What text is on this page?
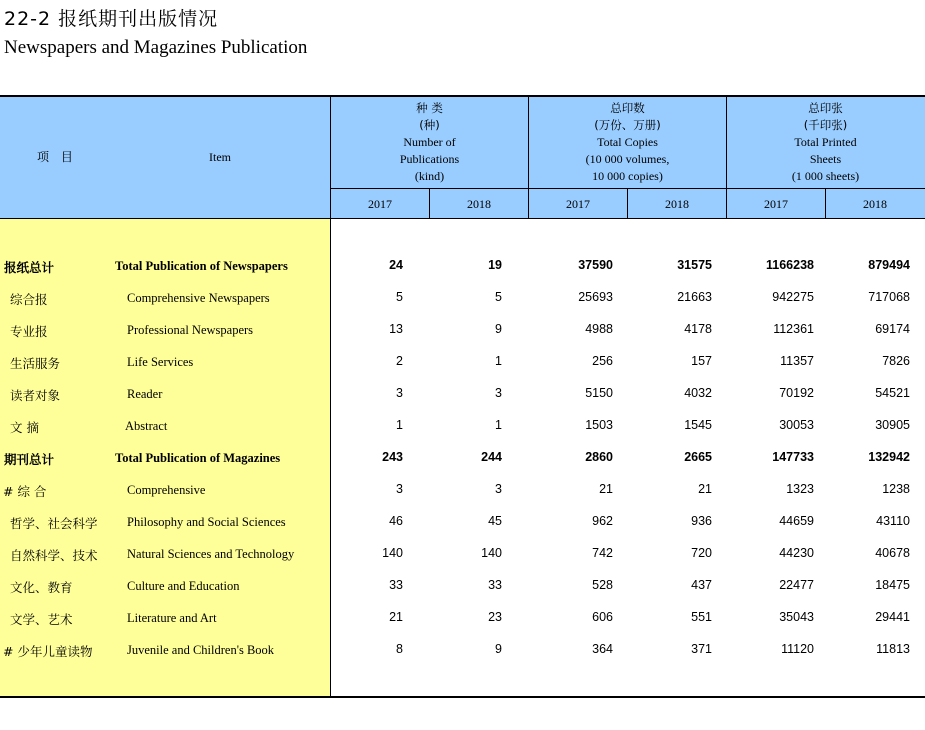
22-2 报纸期刊出版情况
Newspapers and Magazines Publication
项 目	Item
种 类
(种)
Number of
Publications
(kind)
总印数
(万份、万册)
Total Copies
(10 000 volumes,
10 000 copies)
总印张
(千印张)
Total Printed
Sheets
(1 000 sheets)
2017	2018	2017	2018	2017	2018
报纸总计	Total Publication of Newspapers	24	19	37590	31575	1166238	879494
综合报	Comprehensive Newspapers	5	5	25693	21663	942275	717068
专业报	Professional Newspapers	13	9	4988	4178	112361	69174
生活服务	Life Services	2	1	256	157	11357	7826
读者对象	Reader	3	3	5150	4032	70192	54521
文 摘	Abstract	1	1	1503	1545	30053	30905
期刊总计	Total Publication of Magazines	243	244	2860	2665	147733	132942
# 综 合	Comprehensive	3	3	21	21	1323	1238
哲学、社会科学 Philosophy and Social Sciences	46	45	962	936	44659	43110
自然科学、技术 Natural Sciences and Technology	140	140	742	720	44230	40678
文化、教育	Culture and Education	33	33	528	437	22477	18475
文学、艺术	Literature and Art	21	23	606	551	35043	29441
# 少年儿童读物	Juvenile and Children's Book	8	9	364	371	11120	11813
